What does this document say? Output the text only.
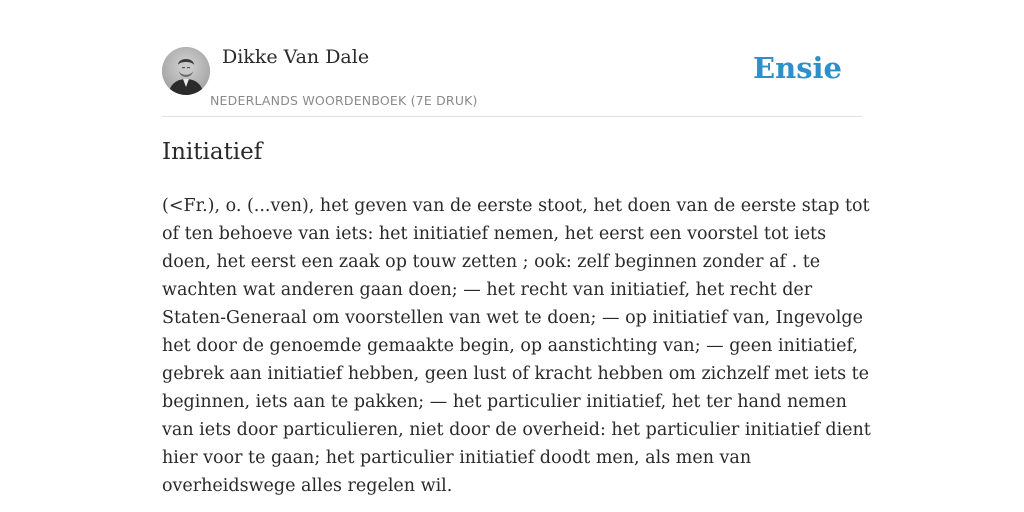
Dikke Van Dale
NEDERLANDS WOORDENBOEK (7E DRUK)
Ensie
Initiatief

(<Fr.), o. (...ven), het geven van de eerste stoot, het doen van de eerste stap tot of ten behoeve van iets: het initiatief nemen, het eerst een voorstel tot iets doen, het eerst een zaak op touw zetten ; ook: zelf beginnen zonder af . te wachten wat anderen gaan doen; — het recht van initiatief, het recht der Staten-Generaal om voorstellen van wet te doen; — op initiatief van, Ingevolge het door de genoemde gemaakte begin, op aanstichting van; — geen initiatief, gebrek aan initiatief hebben, geen lust of kracht hebben om zichzelf met iets te beginnen, iets aan te pakken; — het particulier initiatief, het ter hand nemen van iets door particulieren, niet door de overheid: het particulier initiatief dient hier voor te gaan; het particulier initiatief doodt men, als men van overheidswege alles regelen wil.
